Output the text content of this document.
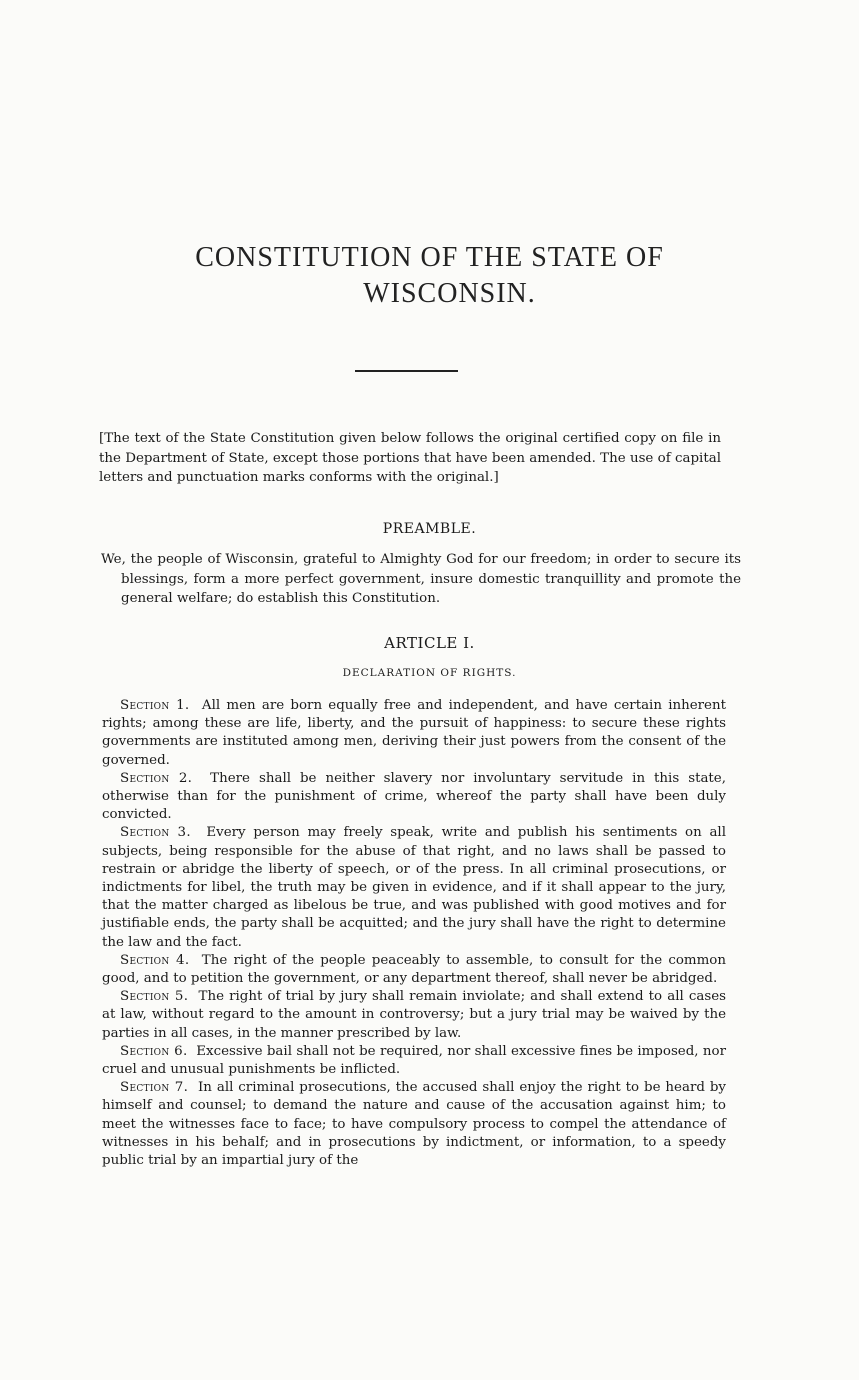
CONSTITUTION OF THE STATE OF
WISCONSIN.

[The text of the State Constitution given below follows the original certified copy on file in the Department of State, except those portions that have been amended. The use of capital letters and punctuation marks conforms with the original.]

PREAMBLE.

We, the people of Wisconsin, grateful to Almighty God for our freedom; in order to secure its blessings, form a more perfect government, insure domestic tranquillity and promote the general welfare; do establish this Constitution.

ARTICLE I.
DECLARATION OF RIGHTS.

Section 1. All men are born equally free and independent, and have certain inherent rights; among these are life, liberty, and the pursuit of happiness: to secure these rights governments are instituted among men, deriving their just powers from the consent of the governed.

Section 2. There shall be neither slavery nor involuntary servitude in this state, otherwise than for the punishment of crime, whereof the party shall have been duly convicted.

Section 3. Every person may freely speak, write and publish his sentiments on all subjects, being responsible for the abuse of that right, and no laws shall be passed to restrain or abridge the liberty of speech, or of the press. In all criminal prosecutions, or indictments for libel, the truth may be given in evidence, and if it shall appear to the jury, that the matter charged as libelous be true, and was published with good motives and for justifiable ends, the party shall be acquitted; and the jury shall have the right to determine the law and the fact.

Section 4. The right of the people peaceably to assemble, to consult for the common good, and to petition the government, or any department thereof, shall never be abridged.

Section 5. The right of trial by jury shall remain inviolate; and shall extend to all cases at law, without regard to the amount in controversy; but a jury trial may be waived by the parties in all cases, in the manner prescribed by law.

Section 6. Excessive bail shall not be required, nor shall excessive fines be imposed, nor cruel and unusual punishments be inflicted.

Section 7. In all criminal prosecutions, the accused shall enjoy the right to be heard by himself and counsel; to demand the nature and cause of the accusation against him; to meet the witnesses face to face; to have compulsory process to compel the attendance of witnesses in his behalf; and in prosecutions by indictment, or information, to a speedy public trial by an impartial jury of the
